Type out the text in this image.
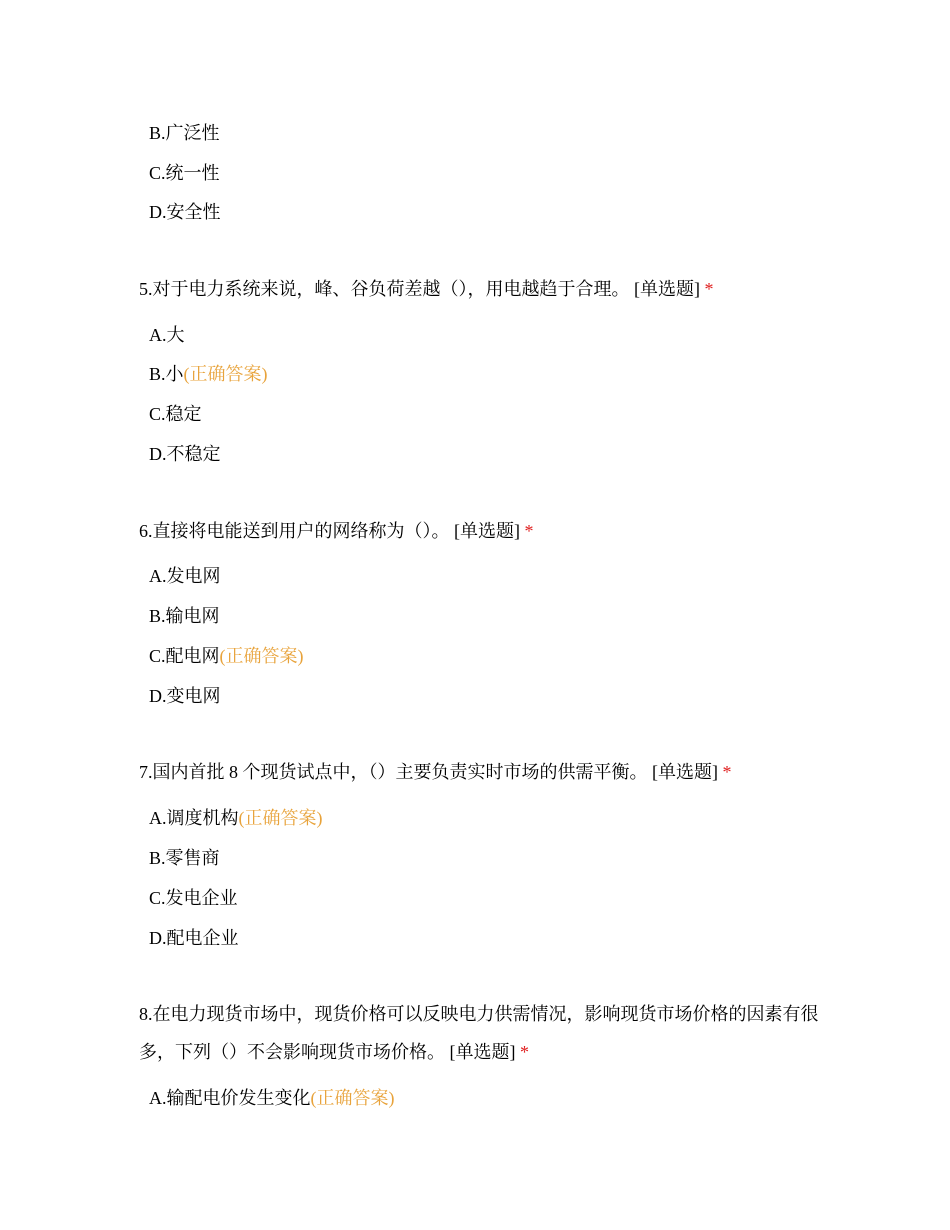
B.广泛性
C.统一性
D.安全性
5.对于电力系统来说，峰、谷负荷差越（），用电越趋于合理。 [单选题] *
A.大
B.小(正确答案)
C.稳定
D.不稳定
6.直接将电能送到用户的网络称为（）。 [单选题] *
A.发电网
B.输电网
C.配电网(正确答案)
D.变电网
7.国内首批 8 个现货试点中，（）主要负责实时市场的供需平衡。 [单选题] *
A.调度机构(正确答案)
B.零售商
C.发电企业
D.配电企业
8.在电力现货市场中，现货价格可以反映电力供需情况，影响现货市场价格的因素有很多，下列（）不会影响现货市场价格。 [单选题] *
A.输配电价发生变化(正确答案)
